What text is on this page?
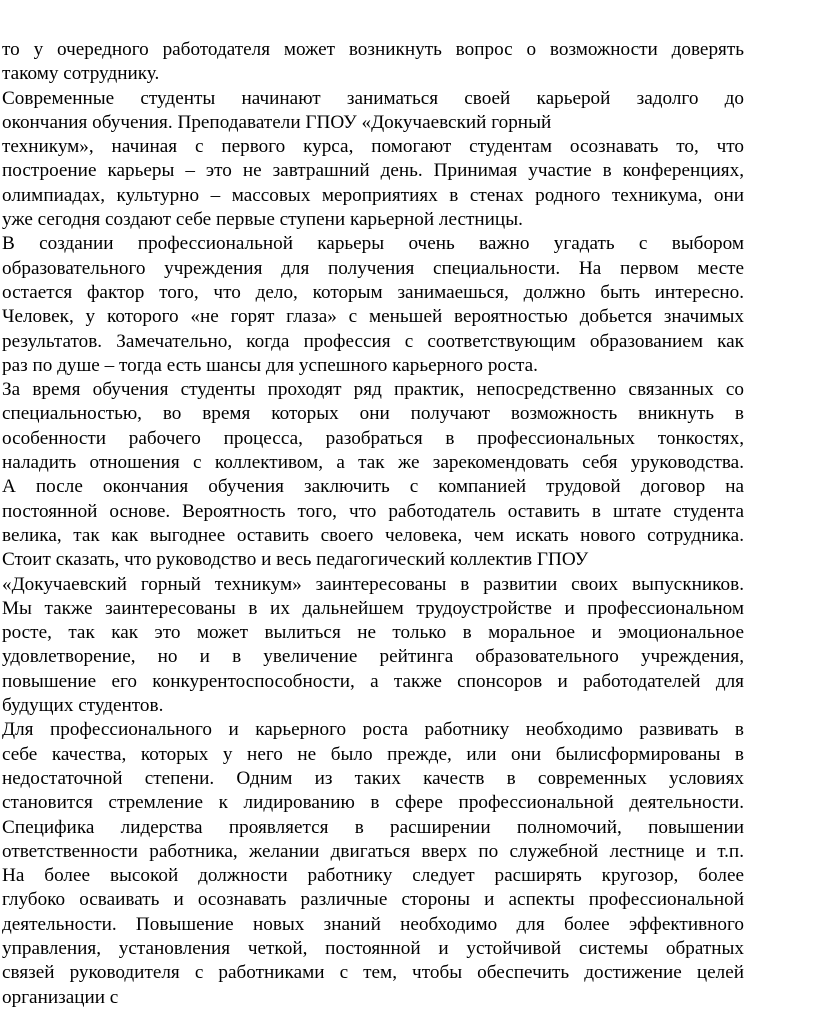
то у очередного работодателя может возникнуть вопрос о возможности доверять
такому сотруднику.
Современные студенты начинают заниматься своей карьерой задолго до
окончания обучения. Преподаватели ГПОУ «Докучаевский горный
техникум», начиная с первого курса, помогают студентам осознавать то, что
построение карьеры – это не завтрашний день. Принимая участие в конференциях,
олимпиадах, культурно – массовых мероприятиях в стенах родного техникума, они
уже сегодня создают себе первые ступени карьерной лестницы.
В создании профессиональной карьеры очень важно угадать с выбором
образовательного учреждения для получения специальности. На первом месте
остается фактор того, что дело, которым занимаешься, должно быть интересно.
Человек, у которого «не горят глаза» с меньшей вероятностью добьется значимых
результатов. Замечательно, когда профессия с соответствующим образованием как
раз по душе – тогда есть шансы для успешного карьерного роста.
За время обучения студенты проходят ряд практик, непосредственно связанных со
специальностью, во время которых они получают возможность вникнуть в
особенности рабочего процесса, разобраться в профессиональных тонкостях,
наладить отношения с коллективом, а так же зарекомендовать себя уруководства.
А после окончания обучения заключить с компанией трудовой договор на
постоянной основе. Вероятность того, что работодатель оставить в штате студента
велика, так как выгоднее оставить своего человека, чем искать нового сотрудника.
Стоит сказать, что руководство и весь педагогический коллектив ГПОУ
«Докучаевский горный техникум» заинтересованы в развитии своих выпускников.
Мы также заинтересованы в их дальнейшем трудоустройстве и профессиональном
росте, так как это может вылиться не только в моральное и эмоциональное
удовлетворение, но и в увеличение рейтинга образовательного учреждения,
повышение его конкурентоспособности, а также спонсоров и работодателей для
будущих студентов.
Для профессионального и карьерного роста работнику необходимо развивать в
себе качества, которых у него не было прежде, или они былисформированы в
недостаточной степени. Одним из таких качеств в современных условиях
становится стремление к лидированию в сфере профессиональной деятельности.
Специфика лидерства проявляется в расширении полномочий, повышении
ответственности работника, желании двигаться вверх по служебной лестнице и т.п.
На более высокой должности работнику следует расширять кругозор, более
глубоко осваивать и осознавать различные стороны и аспекты профессиональной
деятельности. Повышение новых знаний необходимо для более эффективного
управления, установления четкой, постоянной и устойчивой системы обратных
связей руководителя с работниками с тем, чтобы обеспечить достижение целей
организации с
